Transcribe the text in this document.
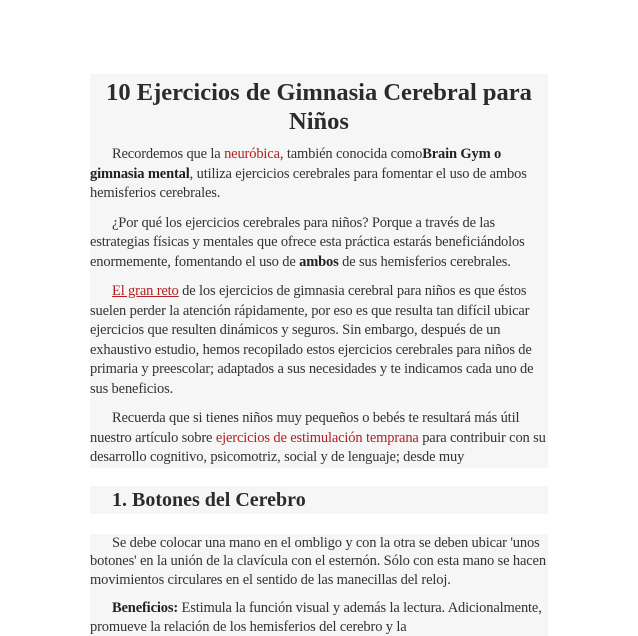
10 Ejercicios de Gimnasia Cerebral para Niños

Recordemos que la neuróbica, también conocida comoBrain Gym o gimnasia mental, utiliza ejercicios cerebrales para fomentar el uso de ambos hemisferios cerebrales.

¿Por qué los ejercicios cerebrales para niños? Porque a través de las estrategias físicas y mentales que ofrece esta práctica estarás beneficiándolos enormemente, fomentando el uso de ambos de sus hemisferios cerebrales.

El gran reto de los ejercicios de gimnasia cerebral para niños es que éstos suelen perder la atención rápidamente, por eso es que resulta tan difícil ubicar ejercicios que resulten dinámicos y seguros. Sin embargo, después de un exhaustivo estudio, hemos recopilado estos ejercicios cerebrales para niños de primaria y preescolar; adaptados a sus necesidades y te indicamos cada uno de sus beneficios.

Recuerda que si tienes niños muy pequeños o bebés te resultará más útil nuestro artículo sobre ejercicios de estimulación temprana para contribuir con su desarrollo cognitivo, psicomotriz, social y de lenguaje; desde muy

1. Botones del Cerebro

Se debe colocar una mano en el ombligo y con la otra se deben ubicar 'unos botones' en la unión de la clavícula con el esternón. Sólo con esta mano se hacen movimientos circulares en el sentido de las manecillas del reloj.

Beneficios: Estimula la función visual y además la lectura. Adicionalmente, promueve la relación de los hemisferios del cerebro y la
